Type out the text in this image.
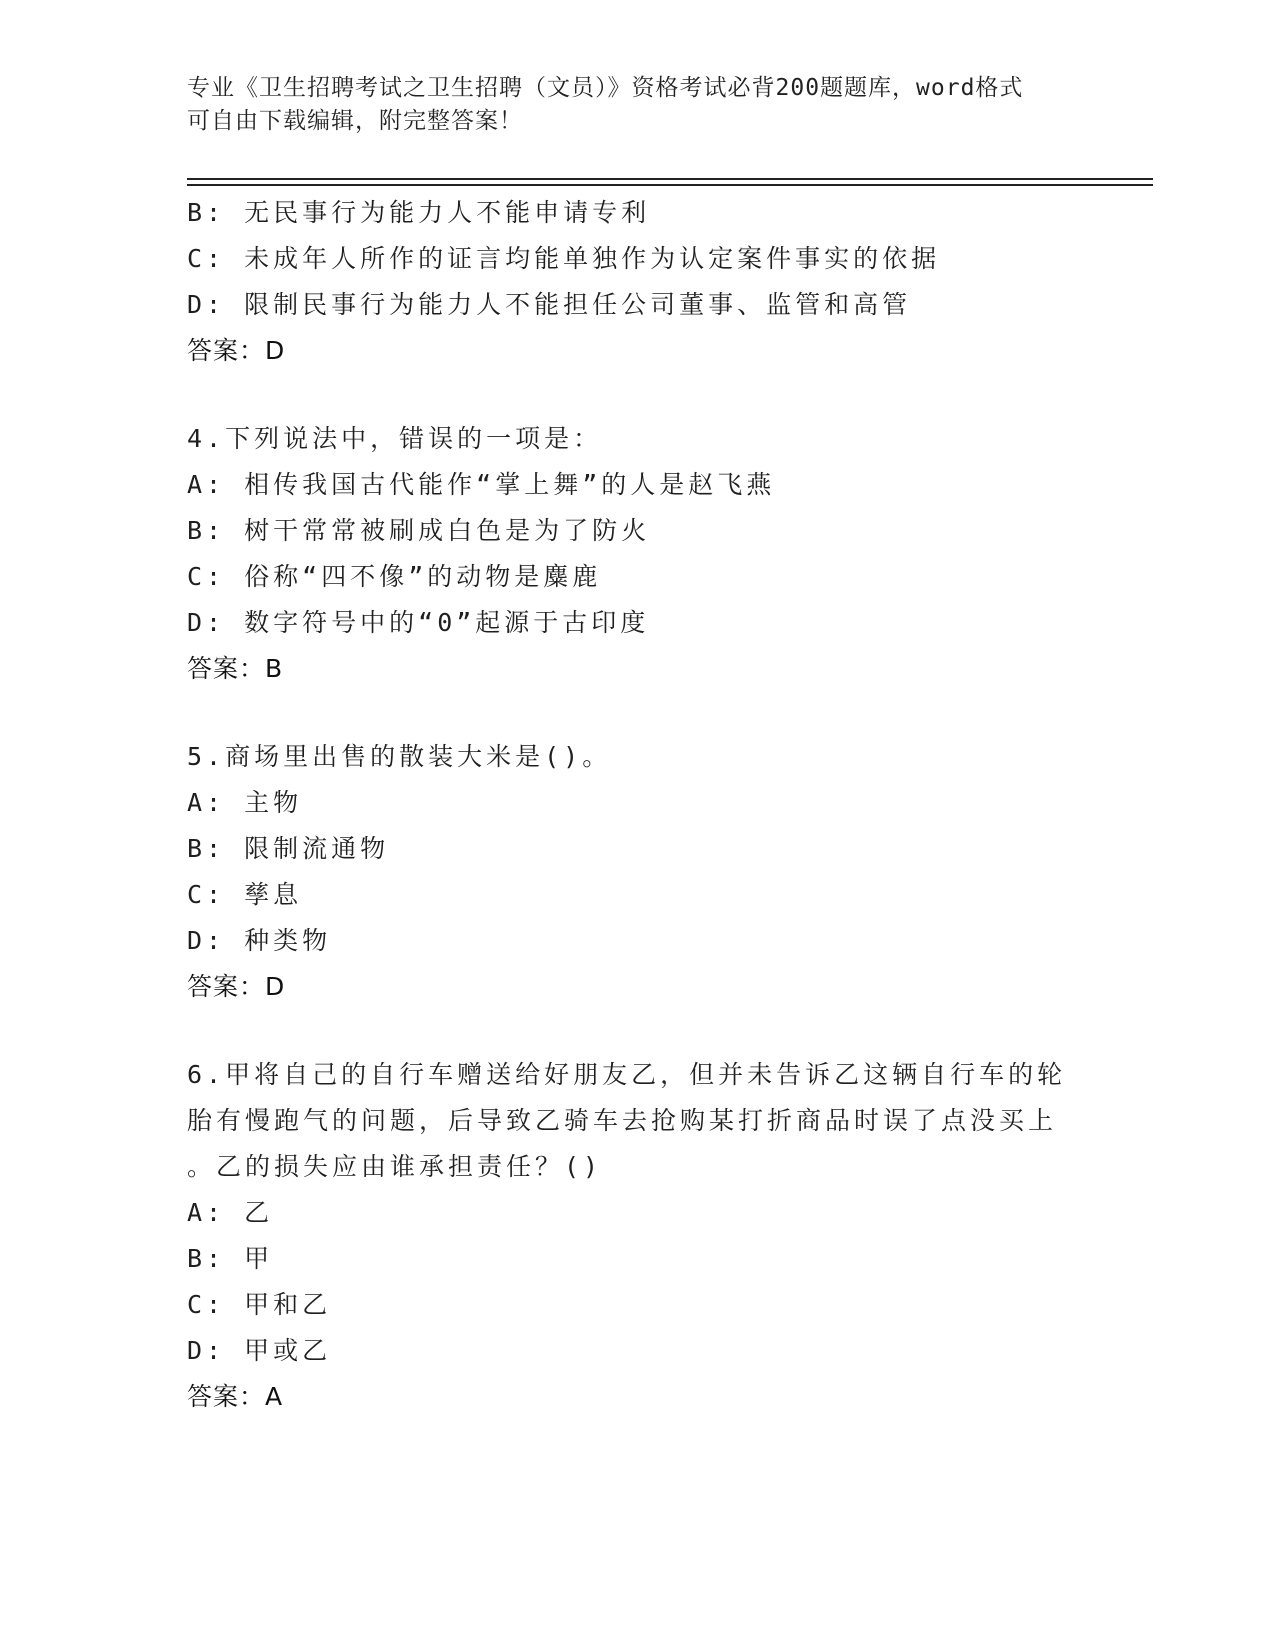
专业《卫生招聘考试之卫生招聘（文员）》资格考试必背200题题库，word格式
可自由下载编辑，附完整答案！
B: 无民事行为能力人不能申请专利
C: 未成年人所作的证言均能单独作为认定案件事实的依据
D: 限制民事行为能力人不能担任公司董事、监管和高管
答案：D
4.下列说法中，错误的一项是：
A: 相传我国古代能作“掌上舞”的人是赵飞燕
B: 树干常常被刷成白色是为了防火
C: 俗称“四不像”的动物是麋鹿
D: 数字符号中的“0”起源于古印度
答案：B
5.商场里出售的散装大米是()。
A: 主物
B: 限制流通物
C: 孳息
D: 种类物
答案：D
6.甲将自己的自行车赠送给好朋友乙，但并未告诉乙这辆自行车的轮
胎有慢跑气的问题，后导致乙骑车去抢购某打折商品时误了点没买上
。乙的损失应由谁承担责任？()
A: 乙
B: 甲
C: 甲和乙
D: 甲或乙
答案：A
